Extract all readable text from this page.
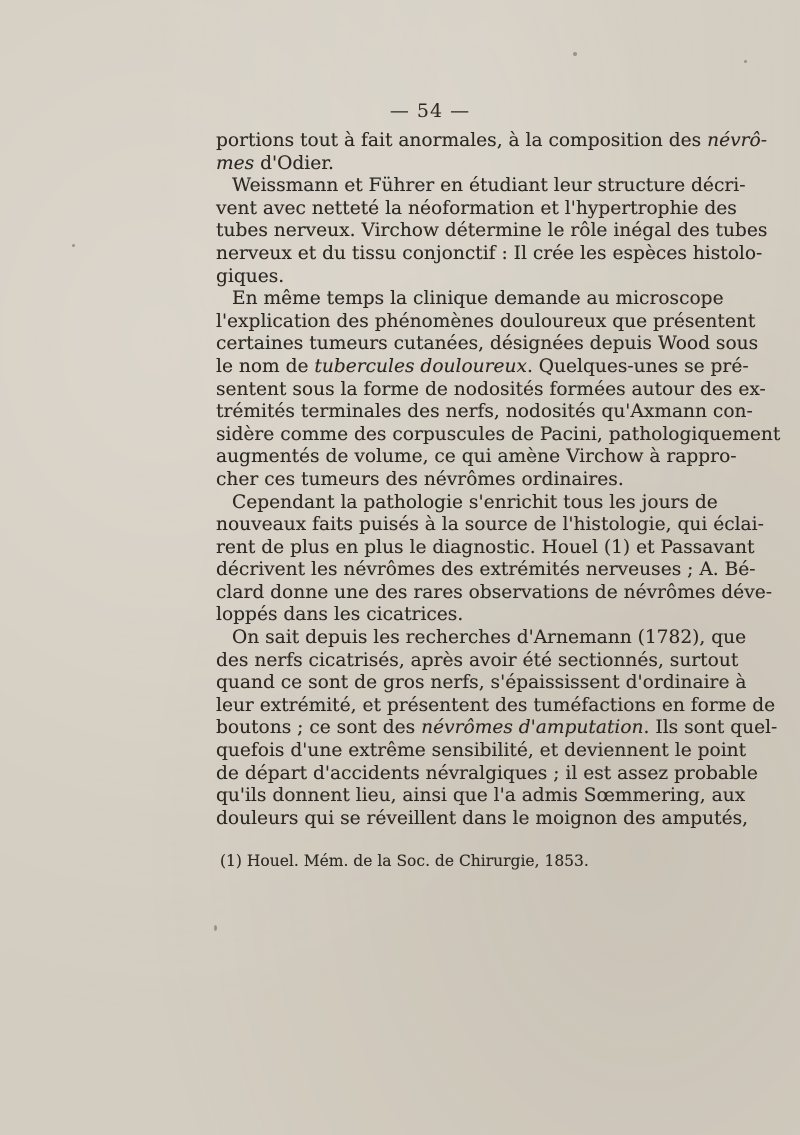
— 54 —
portions tout à fait anormales, à la composition des névrô-
mes d'Odier.
Weissmann et Führer en étudiant leur structure décri-
vent avec netteté la néoformation et l'hypertrophie des
tubes nerveux. Virchow détermine le rôle inégal des tubes
nerveux et du tissu conjonctif : Il crée les espèces histolo-
giques.
En même temps la clinique demande au microscope
l'explication des phénomènes douloureux que présentent
certaines tumeurs cutanées, désignées depuis Wood sous
le nom de tubercules douloureux. Quelques-unes se pré-
sentent sous la forme de nodosités formées autour des ex-
trémités terminales des nerfs, nodosités qu'Axmann con-
sidère comme des corpuscules de Pacini, pathologiquement
augmentés de volume, ce qui amène Virchow à rappro-
cher ces tumeurs des névrômes ordinaires.
Cependant la pathologie s'enrichit tous les jours de
nouveaux faits puisés à la source de l'histologie, qui éclai-
rent de plus en plus le diagnostic. Houel (1) et Passavant
décrivent les névrômes des extrémités nerveuses ; A. Bé-
clard donne une des rares observations de névrômes déve-
loppés dans les cicatrices.
On sait depuis les recherches d'Arnemann (1782), que
des nerfs cicatrisés, après avoir été sectionnés, surtout
quand ce sont de gros nerfs, s'épaississent d'ordinaire à
leur extrémité, et présentent des tuméfactions en forme de
boutons ; ce sont des névrômes d'amputation. Ils sont quel-
quefois d'une extrême sensibilité, et deviennent le point
de départ d'accidents névralgiques ; il est assez probable
qu'ils donnent lieu, ainsi que l'a admis Sœmmering, aux
douleurs qui se réveillent dans le moignon des amputés,
(1) Houel. Mém. de la Soc. de Chirurgie, 1853.
